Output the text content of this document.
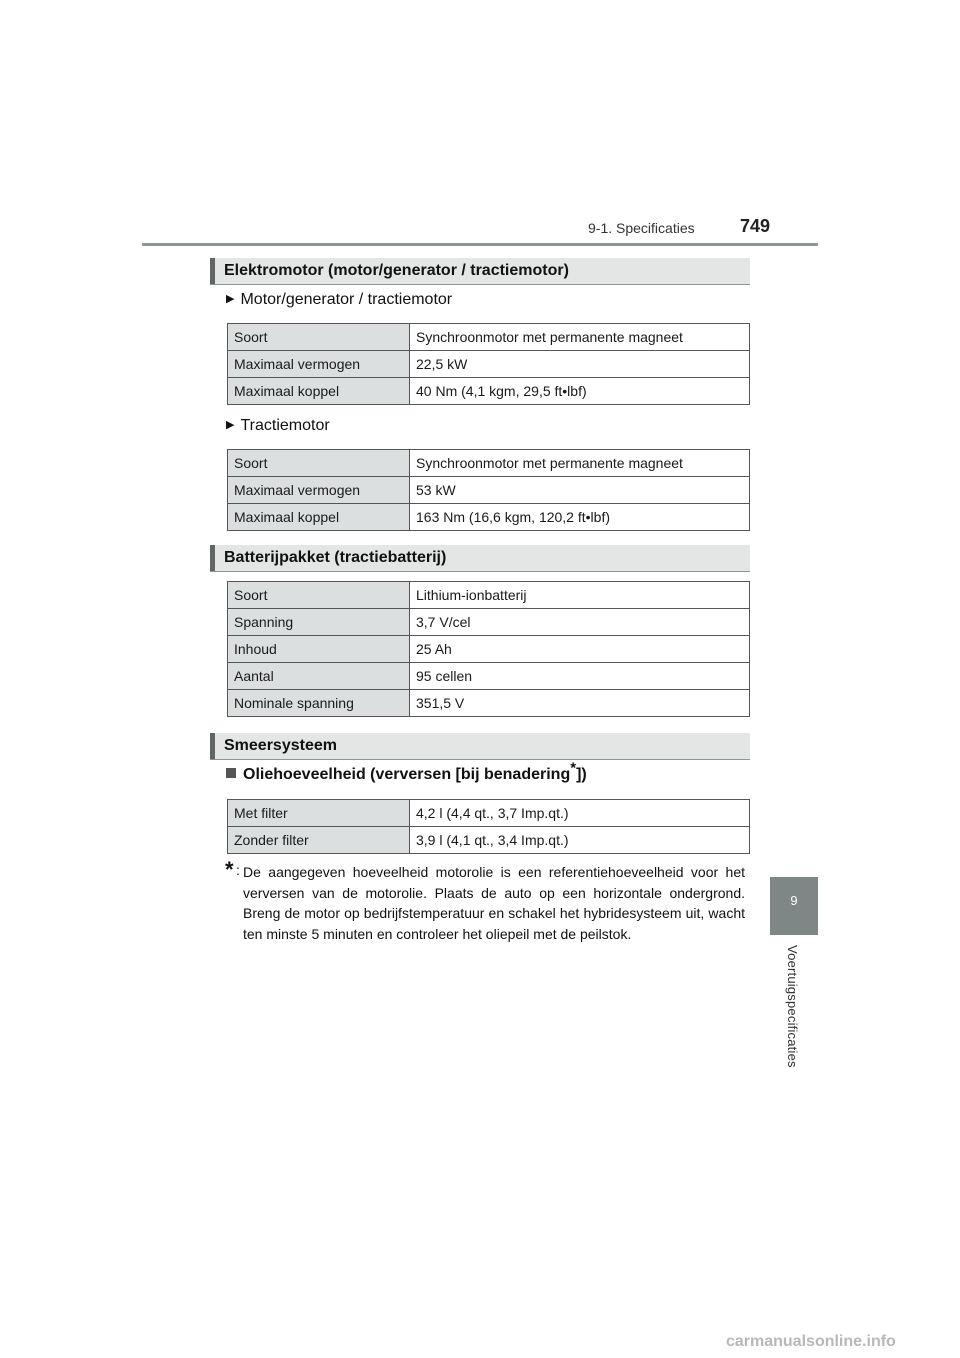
9-1. Specificaties	749
9
Voertuigspecificaties
Elektromotor (motor/generator / tractiemotor)
▶ Motor/generator / tractiemotor
Soort	Synchroonmotor met permanente magneet
Maximaal vermogen	22,5 kW
Maximaal koppel	40 Nm (4,1 kgm, 29,5 ft•lbf)
▶ Tractiemotor
Soort	Synchroonmotor met permanente magneet
Maximaal vermogen	53 kW
Maximaal koppel	163 Nm (16,6 kgm, 120,2 ft•lbf)
Batterijpakket (tractiebatterij)
Soort	Lithium-ionbatterij
Spanning	3,7 V/cel
Inhoud	25 Ah
Aantal	95 cellen
Nominale spanning	351,5 V
Smeersysteem
Oliehoeveelheid (verversen [bij benadering*])
Met filter	4,2 l (4,4 qt., 3,7 Imp.qt.)
Zonder filter	3,9 l (4,1 qt., 3,4 Imp.qt.)
* : De aangegeven hoeveelheid motorolie is een referentiehoeveelheid voor het verversen van de motorolie. Plaats de auto op een horizontale ondergrond. Breng de motor op bedrijfstemperatuur en schakel het hybridesysteem uit, wacht ten minste 5 minuten en controleer het oliepeil met de peilstok.
carmanualsonline.info
